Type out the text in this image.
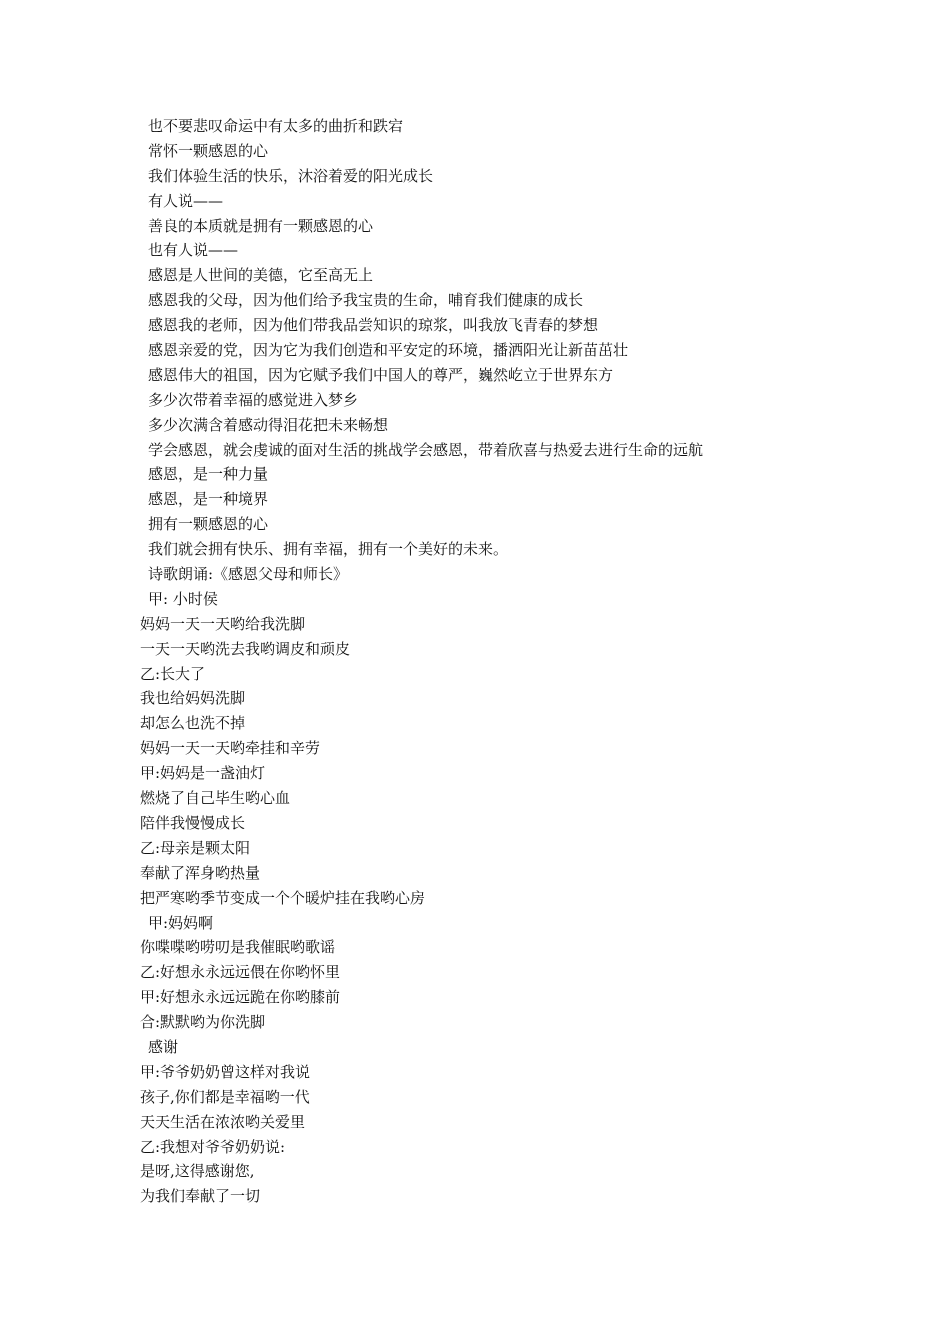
也不要悲叹命运中有太多的曲折和跌宕
常怀一颗感恩的心
我们体验生活的快乐，沐浴着爱的阳光成长
有人说——
善良的本质就是拥有一颗感恩的心
也有人说——
感恩是人世间的美德，它至高无上
感恩我的父母，因为他们给予我宝贵的生命，哺育我们健康的成长
感恩我的老师，因为他们带我品尝知识的琼浆，叫我放飞青春的梦想
感恩亲爱的党，因为它为我们创造和平安定的环境，播洒阳光让新苗茁壮
感恩伟大的祖国，因为它赋予我们中国人的尊严，巍然屹立于世界东方
多少次带着幸福的感觉进入梦乡
多少次满含着感动得泪花把未来畅想
学会感恩，就会虔诚的面对生活的挑战学会感恩，带着欣喜与热爱去进行生命的远航
感恩，是一种力量
感恩，是一种境界
拥有一颗感恩的心
我们就会拥有快乐、拥有幸福，拥有一个美好的未来。
诗歌朗诵:《感恩父母和师长》
甲: 小时侯
妈妈一天一天哟给我洗脚
一天一天哟洗去我哟调皮和顽皮
乙:长大了
我也给妈妈洗脚
却怎么也洗不掉
妈妈一天一天哟牵挂和辛劳
甲:妈妈是一盏油灯
燃烧了自己毕生哟心血
陪伴我慢慢成长
乙:母亲是颗太阳
奉献了浑身哟热量
把严寒哟季节变成一个个暖炉挂在我哟心房
甲:妈妈啊
你喋喋哟唠叨是我催眠哟歌谣
乙:好想永永远远偎在你哟怀里
甲:好想永永远远跪在你哟膝前
合:默默哟为你洗脚
感谢
甲:爷爷奶奶曾这样对我说
孩子,你们都是幸福哟一代
天天生活在浓浓哟关爱里
乙:我想对爷爷奶奶说:
是呀,这得感谢您,
为我们奉献了一切
